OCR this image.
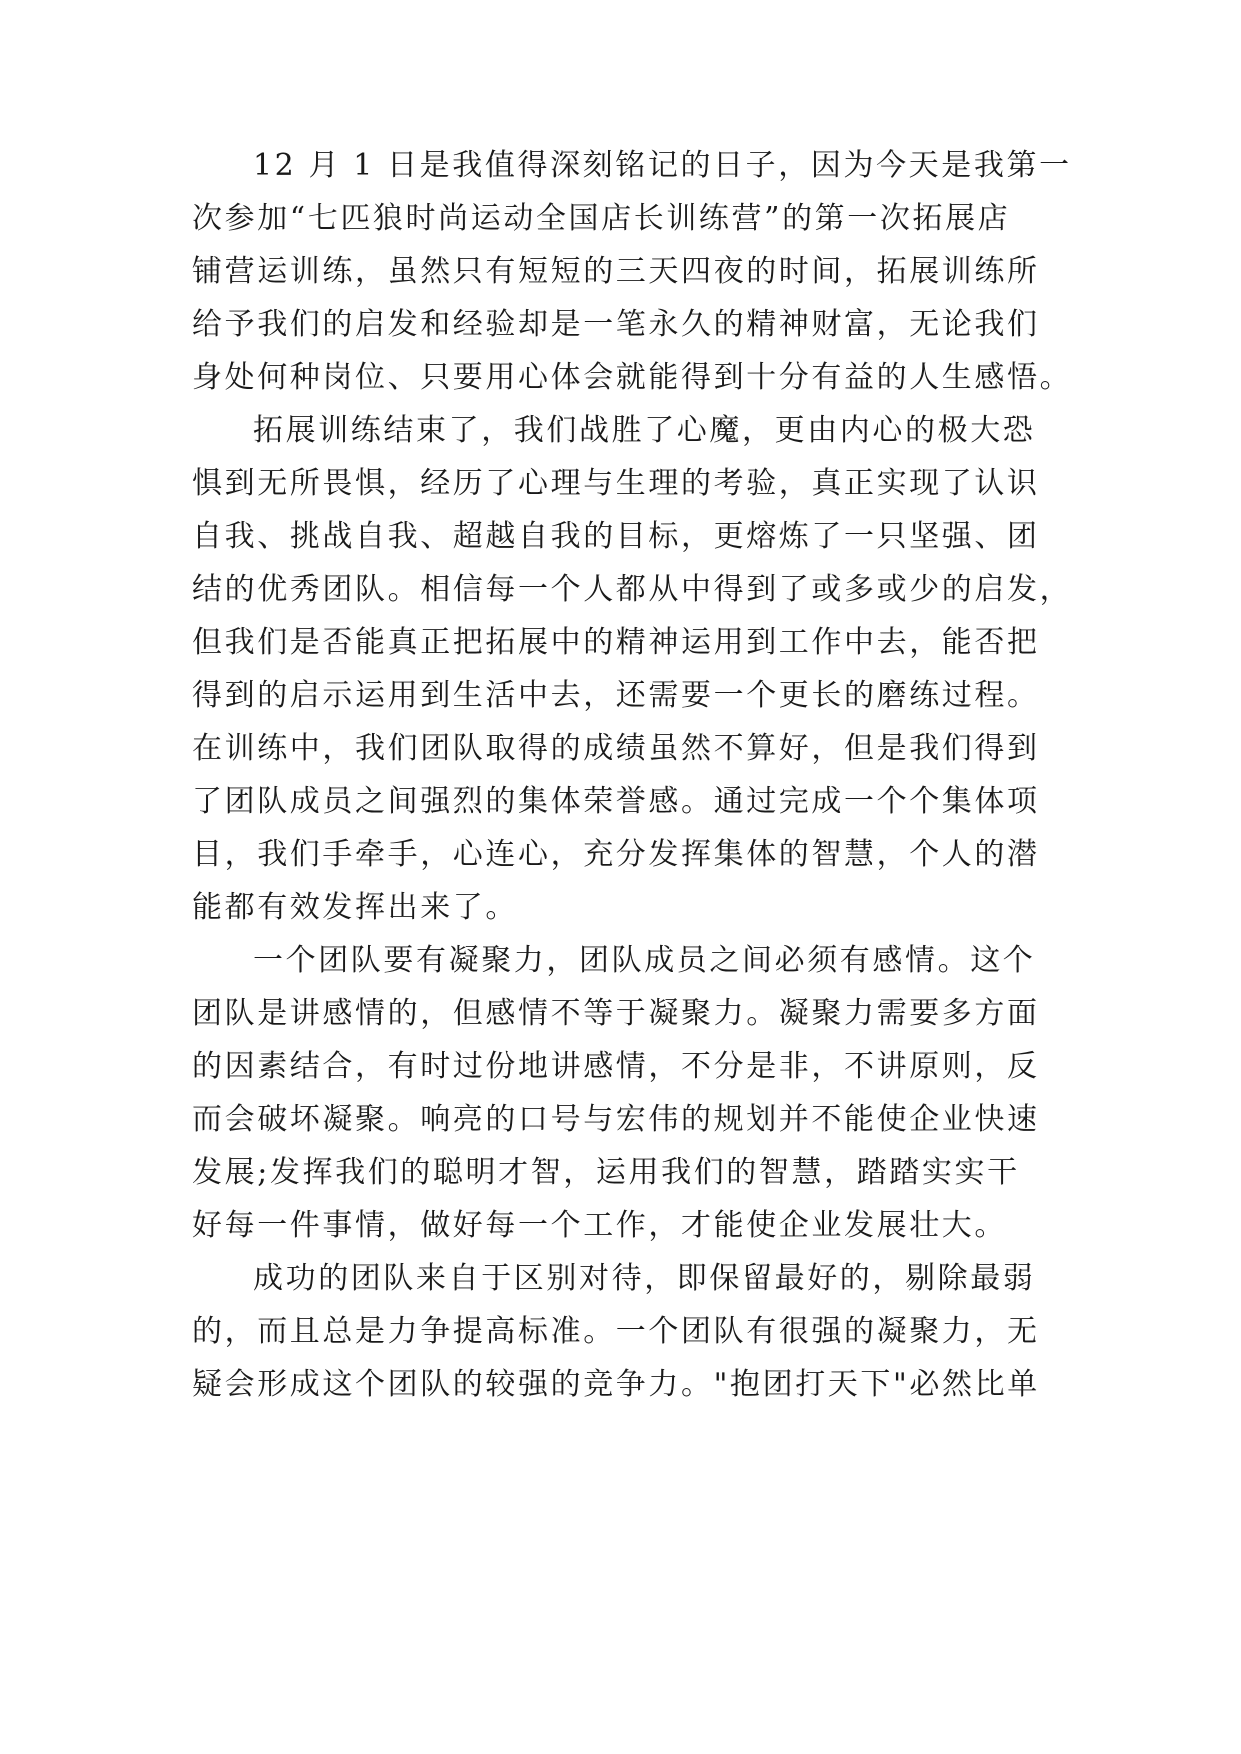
12 月 1 日是我值得深刻铭记的日子，因为今天是我第一
次参加“七匹狼时尚运动全国店长训练营”的第一次拓展店
铺营运训练，虽然只有短短的三天四夜的时间，拓展训练所
给予我们的启发和经验却是一笔永久的精神财富，无论我们
身处何种岗位、只要用心体会就能得到十分有益的人生感悟。
拓展训练结束了，我们战胜了心魔，更由内心的极大恐
惧到无所畏惧，经历了心理与生理的考验，真正实现了认识
自我、挑战自我、超越自我的目标，更熔炼了一只坚强、团
结的优秀团队。相信每一个人都从中得到了或多或少的启发，
但我们是否能真正把拓展中的精神运用到工作中去，能否把
得到的启示运用到生活中去，还需要一个更长的磨练过程。
在训练中，我们团队取得的成绩虽然不算好，但是我们得到
了团队成员之间强烈的集体荣誉感。通过完成一个个集体项
目，我们手牵手，心连心，充分发挥集体的智慧，个人的潜
能都有效发挥出来了。
一个团队要有凝聚力，团队成员之间必须有感情。这个
团队是讲感情的，但感情不等于凝聚力。凝聚力需要多方面
的因素结合，有时过份地讲感情，不分是非，不讲原则，反
而会破坏凝聚。响亮的口号与宏伟的规划并不能使企业快速
发展;发挥我们的聪明才智，运用我们的智慧，踏踏实实干
好每一件事情，做好每一个工作，才能使企业发展壮大。
成功的团队来自于区别对待，即保留最好的，剔除最弱
的，而且总是力争提高标准。一个团队有很强的凝聚力，无
疑会形成这个团队的较强的竞争力。"抱团打天下"必然比单
